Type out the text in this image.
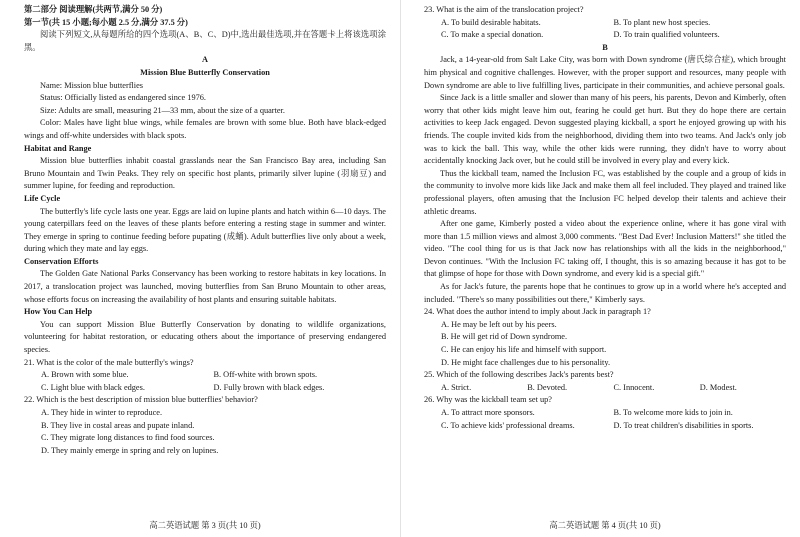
第二部分 阅读理解(共两节,满分 50 分)

第一节(共 15 小题;每小题 2.5 分,满分 37.5 分)

阅读下列短文,从每题所给的四个选项(A、B、C、D)中,选出最佳选项,并在答题卡上将该选项涂黑。

A

Mission Blue Butterfly Conservation

Name: Mission blue butterflies

Status: Officially listed as endangered since 1976.

Size: Adults are small, measuring 21—33 mm, about the size of a quarter.

Color: Males have light blue wings, while females are brown with some blue. Both have black-edged wings and off-white undersides with black spots.

Habitat and Range

Mission blue butterflies inhabit coastal grasslands near the San Francisco Bay area, including San Bruno Mountain and Twin Peaks. They rely on specific host plants, primarily silver lupine (羽扇豆) and summer lupine, for feeding and reproduction.

Life Cycle

The butterfly's life cycle lasts one year. Eggs are laid on lupine plants and hatch within 6—10 days. The young caterpillars feed on the leaves of these plants before entering a resting stage in summer and winter. They emerge in spring to continue feeding before pupating (成蛹). Adult butterflies live only about a week, during which they mate and lay eggs.

Conservation Efforts

The Golden Gate National Parks Conservancy has been working to restore habitats in key locations. In 2017, a translocation project was launched, moving butterflies from San Bruno Mountain to other areas, whose efforts focus on increasing the availability of host plants and ensuring suitable habitats.

How You Can Help

You can support Mission Blue Butterfly Conservation by donating to wildlife organizations, volunteering for habitat restoration, or educating others about the importance of preserving endangered species.

21. What is the color of the male butterfly's wings?

A. Brown with some blue.	B. Off-white with brown spots.
C. Light blue with black edges.	D. Fully brown with black edges.

22. Which is the best description of mission blue butterflies' behavior?

A. They hide in winter to reproduce.
B. They live in costal areas and pupate inland.
C. They migrate long distances to find food sources.
D. They mainly emerge in spring and rely on lupines.
高二英语试题 第 3 页(共 10 页)

23. What is the aim of the translocation project?

A. To build desirable habitats.	B. To plant new host species.
C. To make a special donation.	D. To train qualified volunteers.

B

Jack, a 14-year-old from Salt Lake City, was born with Down syndrome (唐氏综合症), which brought him physical and cognitive challenges. However, with the proper support and resources, many people with Down syndrome are able to live fulfilling lives, participate in their communities, and achieve personal goals.

Since Jack is a little smaller and slower than many of his peers, his parents, Devon and Kimberly, often worry that other kids might leave him out, fearing he could get hurt. But they do hope there are certain activities to keep Jack engaged. Devon suggested playing kickball, a sport he enjoyed growing up with his friends. The couple invited kids from the neighborhood, dividing them into two teams. And Jack's only job was to kick the ball. This way, while the other kids were running, they didn't have to worry about accidentally knocking Jack over, but he could still be involved in every play and every kick.

Thus the kickball team, named the Inclusion FC, was established by the couple and a group of kids in the community to involve more kids like Jack and make them all feel included. They played and trained like professional players, often amusing that the Inclusion FC helped develop their talents and achieve their athletic dreams.

After one game, Kimberly posted a video about the experience online, where it has gone viral with more than 1.5 million views and almost 3,000 comments. "Best Dad Ever! Inclusion Matters!" she titled the video. "The cool thing for us is that Jack now has relationships with all the kids in the neighborhood," Devon continues. "With the Inclusion FC taking off, I thought, this is so amazing because it has got to be that glimpse of hope for those with Down syndrome, and every kid is a special gift."

As for Jack's future, the parents hope that he continues to grow up in a world where he's accepted and included. "There's so many possibilities out there," Kimberly says.

24. What does the author intend to imply about Jack in paragraph 1?

A. He may be left out by his peers.
B. He will get rid of Down syndrome.
C. He can enjoy his life and himself with support.
D. He might face challenges due to his personality.

25. Which of the following describes Jack's parents best?

A. Strict.	B. Devoted.	C. Innocent.	D. Modest.

26. Why was the kickball team set up?

A. To attract more sponsors.	B. To welcome more kids to join in.
C. To achieve kids' professional dreams.	D. To treat children's disabilities in sports.
高二英语试题 第 4 页(共 10 页)
